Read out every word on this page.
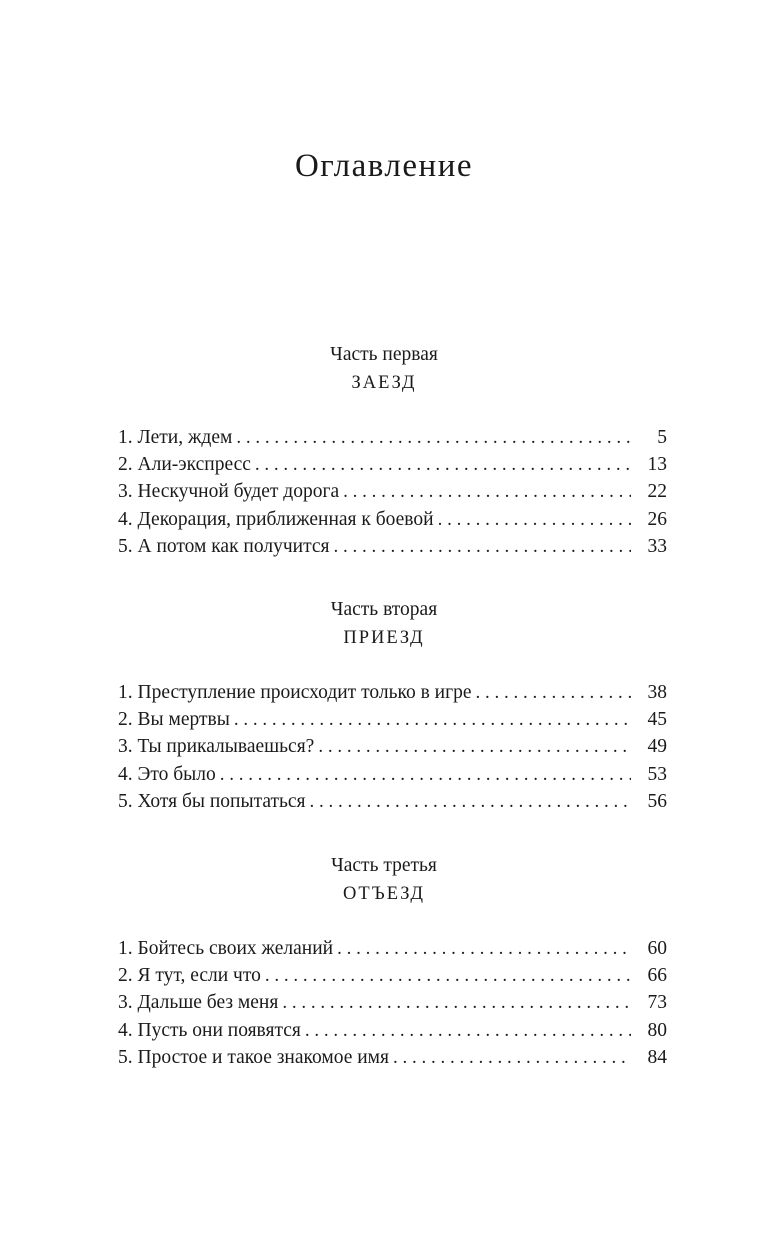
Оглавление
Часть первая
ЗАЕЗД
1. Лети, ждем . . .	5
2. Али-экспресс . . .	13
3. Нескучной будет дорога . . .	22
4. Декорация, приближенная к боевой . . .	26
5. А потом как получится . . .	33
Часть вторая
ПРИЕЗД
1. Преступление происходит только в игре . . .	38
2. Вы мертвы . . .	45
3. Ты прикалываешься? . . .	49
4. Это было . . .	53
5. Хотя бы попытаться . . .	56
Часть третья
ОТЪЕЗД
1. Бойтесь своих желаний . . .	60
2. Я тут, если что . . .	66
3. Дальше без меня . . .	73
4. Пусть они появятся . . .	80
5. Простое и такое знакомое имя . . .	84
